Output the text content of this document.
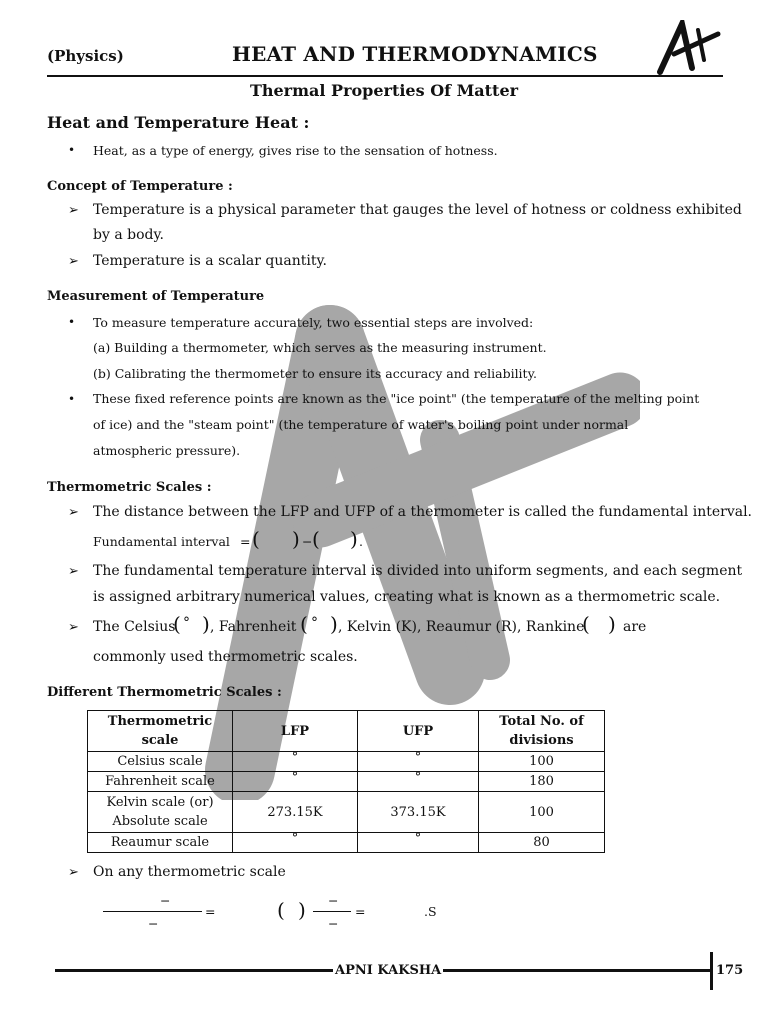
(Physics)	HEAT AND THERMODYNAMICS
Thermal Properties Of Matter
Heat and Temperature Heat :
• Heat, as a type of energy, gives rise to the sensation of hotness.
Concept of Temperature :
➢ Temperature is a physical parameter that gauges the level of hotness or coldness exhibited
by a body.
➢ Temperature is a scalar quantity.
Measurement of Temperature
• To measure temperature accurately, two essential steps are involved:
(a) Building a thermometer, which serves as the measuring instrument.
(b) Calibrating the thermometer to ensure its accuracy and reliability.
• These fixed reference points are known as the "ice point" (the temperature of the melting point
of ice) and the "steam point" (the temperature of water's boiling point under normal
atmospheric pressure).
Thermometric Scales :
➢ The distance between the LFP and UFP of a thermometer is called the fundamental interval.
Fundamental interval = ( ) − ( ) .
➢ The fundamental temperature interval is divided into uniform segments, and each segment
is assigned arbitrary numerical values, creating what is known as a thermometric scale.
➢ The Celsius
( ° ) , Fahrenheit ( ° ) , Kelvin (K), Reaumur (R), Rankine
( ) are
commonly used thermometric scales.
Different Thermometric Scales :
Thermometric scale	LFP	UFP	Total No. of divisions
Celsius scale	°	°	100
Fahrenheit scale	°	°	180
Kelvin scale (or) Absolute scale	273.15K	373.15K	100
Reaumur scale	°	°	80
➢ On any thermometric scale
−
−
=	( ) −
−
=	.S
APNI KAKSHA	175
